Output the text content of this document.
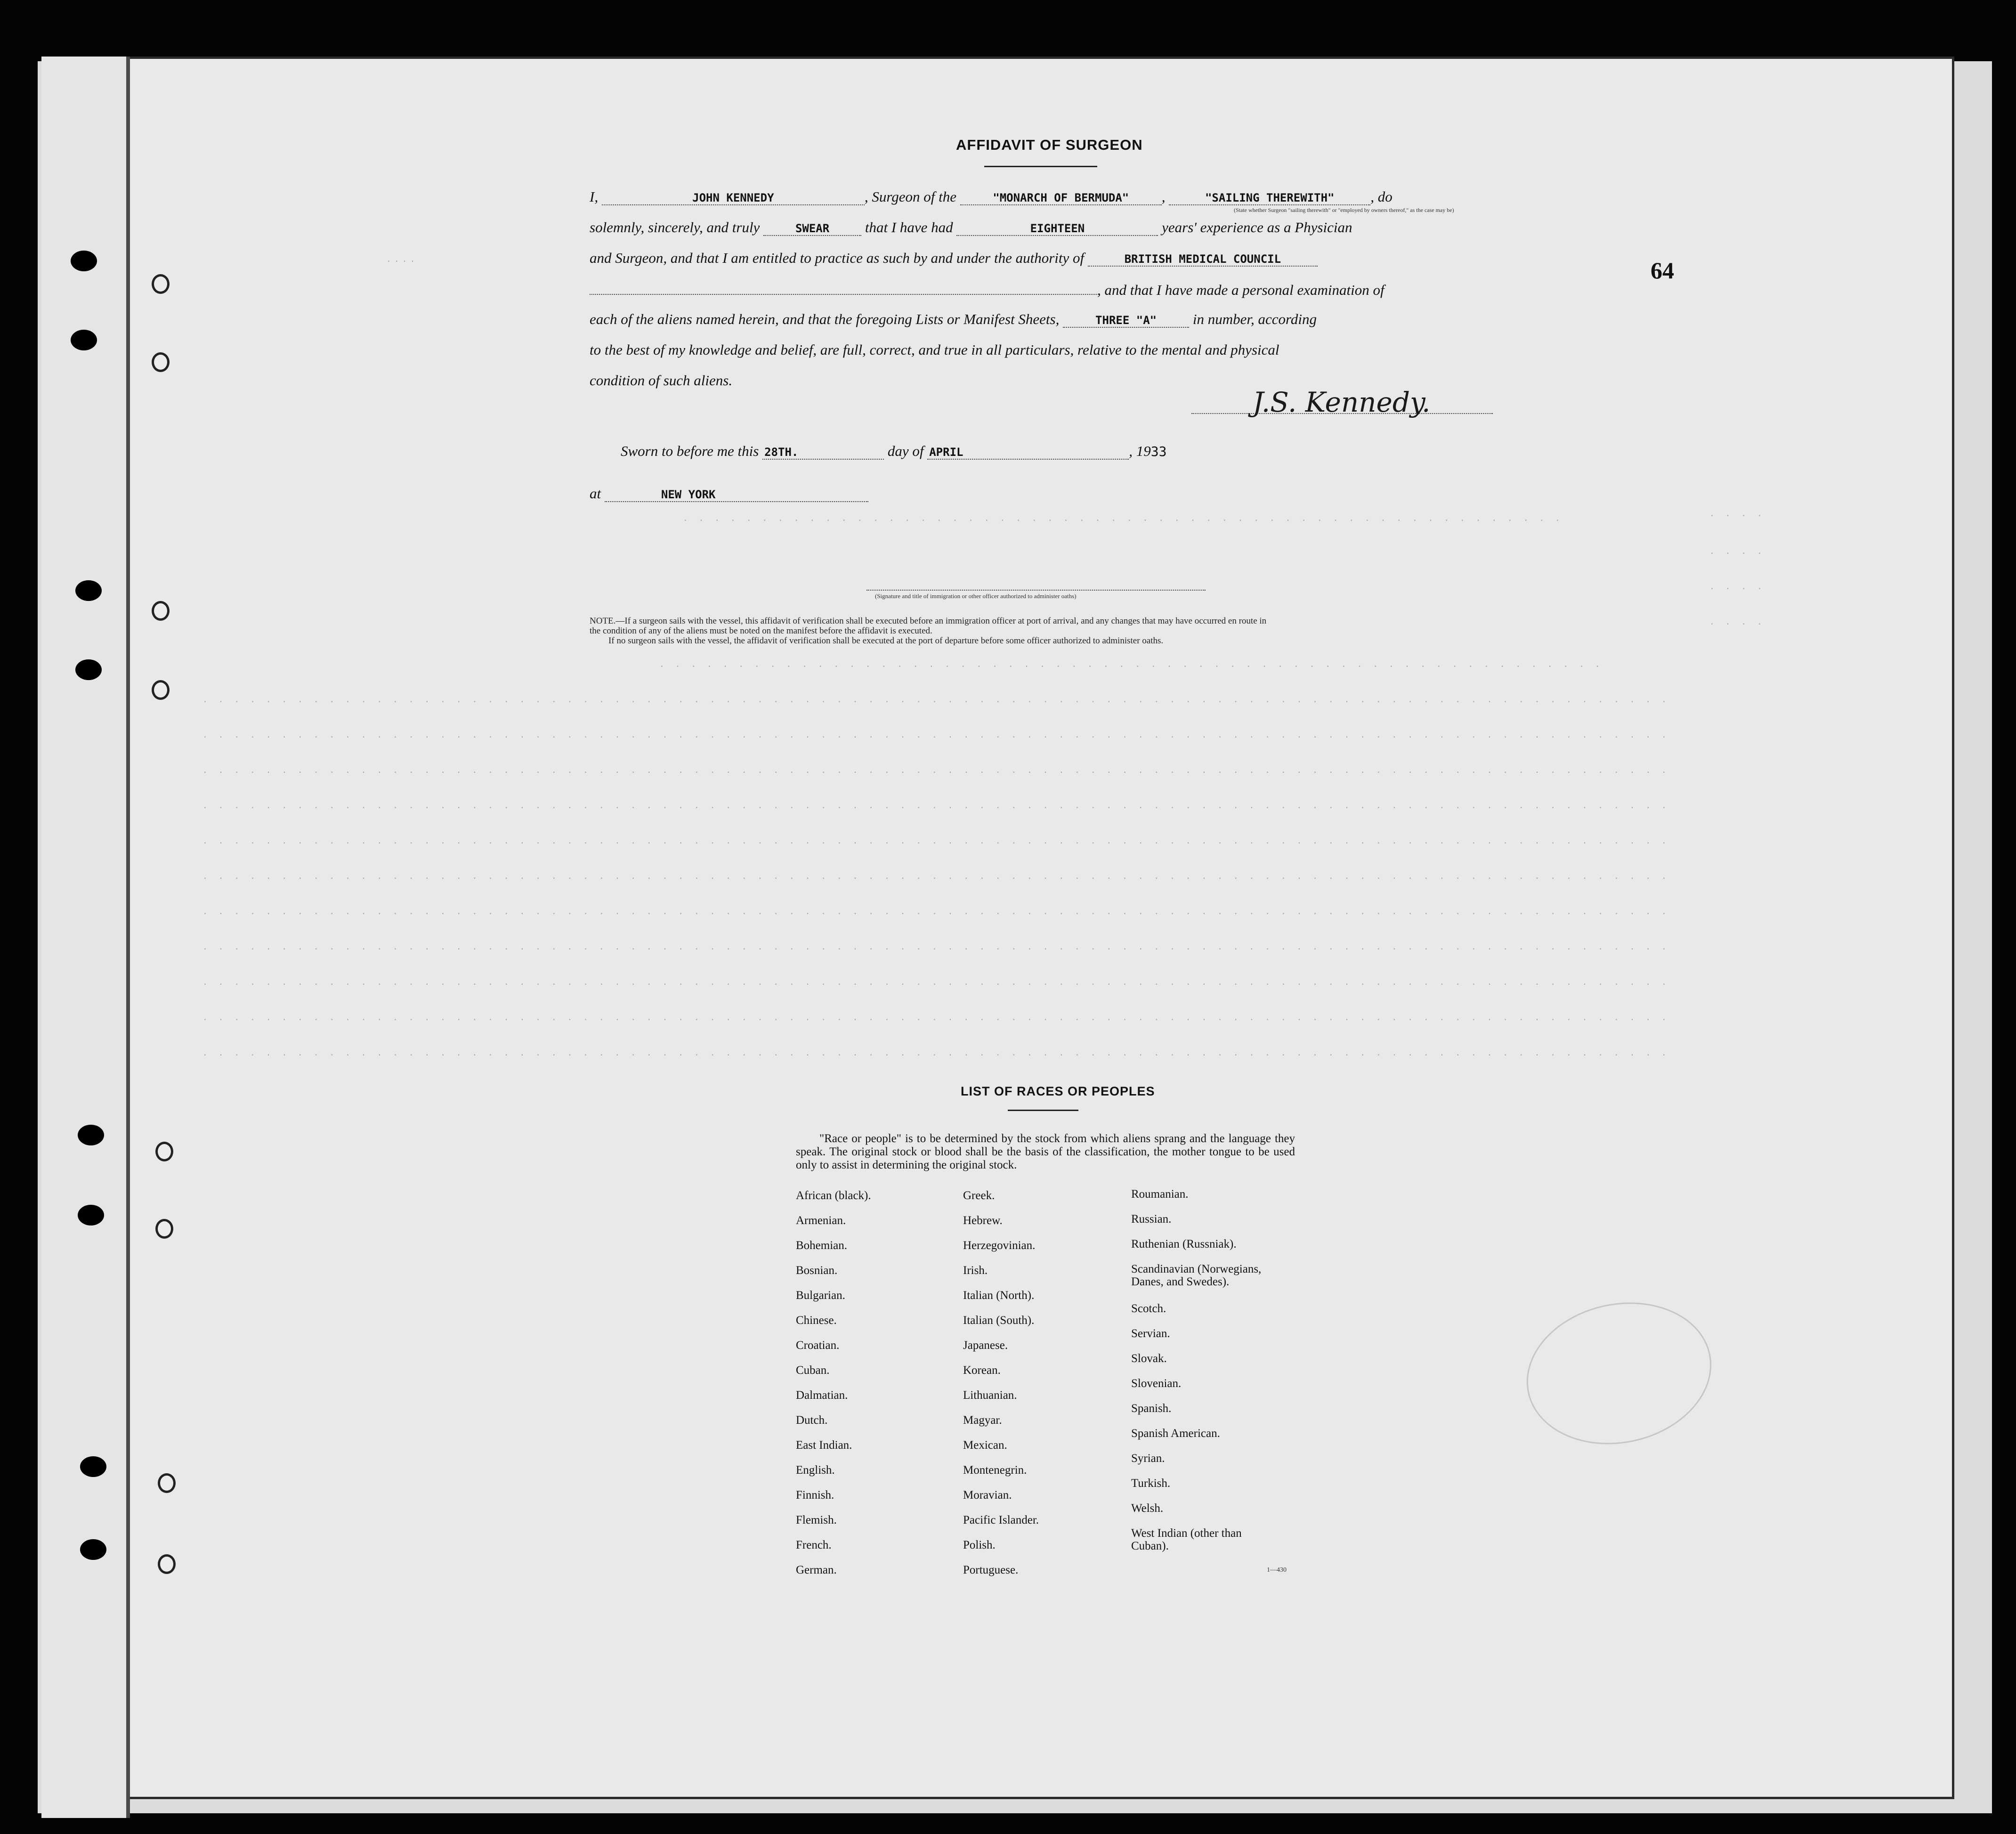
64
AFFIDAVIT OF SURGEON
I,	JOHN KENNEDY	, Surgeon of the	"MONARCH OF BERMUDA" ,	"SAILING THEREWITH" , do
(State whether Surgeon "sailing therewith" or "employed by owners thereof," as the case may be)
solemnly, sincerely, and truly	SWEAR that I have had	EIGHTEEN	years' experience as a Physician
and Surgeon, and that I am entitled to practice as such by and under the authority of	BRITISH MEDICAL COUNCIL
, and that I have made a personal examination of
each of the aliens named herein, and that the foregoing Lists or Manifest Sheets,	THREE "A" in number, according
to the best of my knowledge and belief, are full, correct, and true in all particulars, relative to the mental and physical
condition of such aliens.
J.S. Kennedy.
Sworn to before me this 28TH.	day of APRIL	, 1933
at	NEW YORK
(Signature and title of immigration or other officer authorized to administer oaths)
NOTE.—If a surgeon sails with the vessel, this affidavit of verification shall be executed before an immigration officer at port of arrival, and any changes that may have occurred en route in
the condition of any of the aliens must be noted on the manifest before the affidavit is executed.
If no surgeon sails with the vessel, the affidavit of verification shall be executed at the port of departure before some officer authorized to administer oaths.
....
. . . . . . . . . . . . . . . . . . . . . . . . . . . . . . . . . . . . . . . . . . . . . . . . . . . . . . . .	. . . .
. . . .
. . . .
. . . .
. . . . . . . . . . . . . . . . . . . . . . . . . . . . . . . . . . . . . . . . . . . . . . . . . . . . . . . . . . . .
. . . . . . . . . . . . . . . . . . . . . . . . . . . . . . . . . . . . . . . . . . . . . . . . . . . . . . . . . . . . . . . . . . . . . . . . . . . . . . . . . . . . . . . . . . . . .
. . . . . . . . . . . . . . . . . . . . . . . . . . . . . . . . . . . . . . . . . . . . . . . . . . . . . . . . . . . . . . . . . . . . . . . . . . . . . . . . . . . . . . . . . . . . .
. . . . . . . . . . . . . . . . . . . . . . . . . . . . . . . . . . . . . . . . . . . . . . . . . . . . . . . . . . . . . . . . . . . . . . . . . . . . . . . . . . . . . . . . . . . . .
. . . . . . . . . . . . . . . . . . . . . . . . . . . . . . . . . . . . . . . . . . . . . . . . . . . . . . . . . . . . . . . . . . . . . . . . . . . . . . . . . . . . . . . . . . . . .
. . . . . . . . . . . . . . . . . . . . . . . . . . . . . . . . . . . . . . . . . . . . . . . . . . . . . . . . . . . . . . . . . . . . . . . . . . . . . . . . . . . . . . . . . . . . .
. . . . . . . . . . . . . . . . . . . . . . . . . . . . . . . . . . . . . . . . . . . . . . . . . . . . . . . . . . . . . . . . . . . . . . . . . . . . . . . . . . . . . . . . . . . . .
. . . . . . . . . . . . . . . . . . . . . . . . . . . . . . . . . . . . . . . . . . . . . . . . . . . . . . . . . . . . . . . . . . . . . . . . . . . . . . . . . . . . . . . . . . . . .
. . . . . . . . . . . . . . . . . . . . . . . . . . . . . . . . . . . . . . . . . . . . . . . . . . . . . . . . . . . . . . . . . . . . . . . . . . . . . . . . . . . . . . . . . . . . .
. . . . . . . . . . . . . . . . . . . . . . . . . . . . . . . . . . . . . . . . . . . . . . . . . . . . . . . . . . . . . . . . . . . . . . . . . . . . . . . . . . . . . . . . . . . . .
. . . . . . . . . . . . . . . . . . . . . . . . . . . . . . . . . . . . . . . . . . . . . . . . . . . . . . . . . . . . . . . . . . . . . . . . . . . . . . . . . . . . . . . . . . . . .
. . . . . . . . . . . . . . . . . . . . . . . . . . . . . . . . . . . . . . . . . . . . . . . . . . . . . . . . . . . . . . . . . . . . . . . . . . . . . . . . . . . . . . . . . . . . .
LIST OF RACES OR PEOPLES
"Race or people" is to be determined by the stock from which aliens sprang and the language they speak. The original stock or blood shall be the basis of the classification, the mother tongue to be used only to assist in determining the original stock.
African (black).
Armenian.
Bohemian.
Bosnian.
Bulgarian.
Chinese.
Croatian.
Cuban.
Dalmatian.
Dutch.
East Indian.
English.
Finnish.
Flemish.
French.
German.
Greek.
Hebrew.
Herzegovinian.
Irish.
Italian (North).
Italian (South).
Japanese.
Korean.
Lithuanian.
Magyar.
Mexican.
Montenegrin.
Moravian.
Pacific Islander.
Polish.
Portuguese.
Roumanian.
Russian.
Ruthenian (Russniak).
Scandinavian (Norwegians, Danes, and Swedes).
Scotch.
Servian.
Slovak.
Slovenian.
Spanish.
Spanish American.
Syrian.
Turkish.
Welsh.
West Indian (other than Cuban).
1—430
